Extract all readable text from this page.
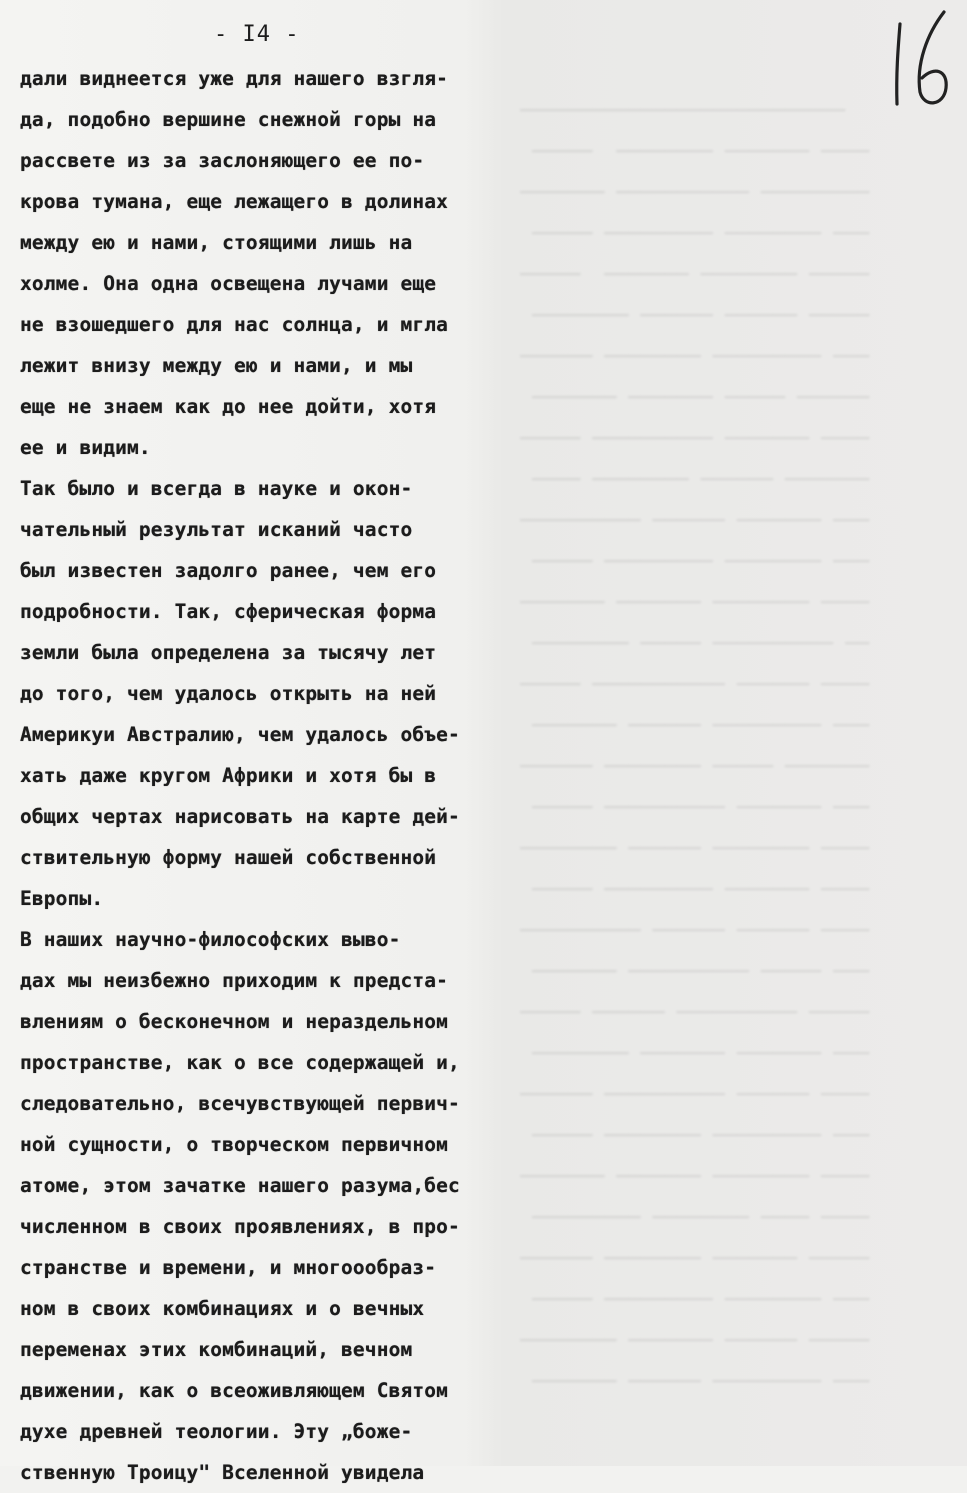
───────────────────────────
─────  ──────── ─────── ────
─────── ─────────── ─────────
───── ───────── ──────── ───
─────  ─────── ──────── ─────
──────── ────── ────── ─────
────── ──────── ───────── ───
─────── ─────── ───── ──────
───── ────────── ─────── ────
──── ──────── ────── ───────
────────── ────── ─────── ───
───── ───────── ──────── ───
─────── ─────── ──────── ────
──────── ───── ────────── ──
───── ─────────── ────── ────
─────── ────── ───────── ───
────── ──────── ───── ───────
───── ────────── ─────── ───
──────── ────── ──────── ────
───── ───────── ─────── ────
────────── ────── ────── ────
─────── ────────── ───── ───
───── ────── ────────── ─────
──────── ─────── ─────── ───
────── ────────── ────── ────
───── ──────── ───────── ───
─────── ─────── ──────── ────
───────── ──────── ──── ────
────── ──────── ─────── ─────
───── ───────── ──────── ───
──────── ─────── ────── ─────
─────── ────── ───────── ───
- I4 -
дали виднеется уже для нашего взгля-
да, подобно вершине снежной горы на
рассвете из за заслоняющего ее по-
крова тумана, еще лежащего в долинах
между ею и нами, стоящими лишь на
холме. Она одна освещена лучами еще
не взошедшего для нас солнца, и мгла
лежит внизу между ею и нами, и мы
еще не знаем как до нее дойти, хотя
ее и видим.
Так было и всегда в науке и окон-
чательный результат исканий часто
был известен задолго ранее, чем его
подробности. Так, сферическая форма
земли была определена за тысячу лет
до того, чем удалось открыть на ней
Америкуи Австралию, чем удалось объе-
хать даже кругом Африки и хотя бы в
общих чертах нарисовать на карте дей-
ствительную форму нашей собственной
Европы.
В наших научно-философских выво-
дах мы неизбежно приходим к предста-
влениям о бесконечном и нераздельном
пространстве, как о все содержащей и,
следовательно, всечувствующей первич-
ной сущности, о творческом первичном
атоме, этом зачатке нашего разума,бес
численном в своих проявлениях, в про-
странстве и времени, и многоообраз-
ном в своих комбинациях и о вечных
переменах этих комбинаций, вечном
движении, как о всеоживляющем Святом
духе древней теологии. Эту „боже-
ственную Троицу" Вселенной увидела
